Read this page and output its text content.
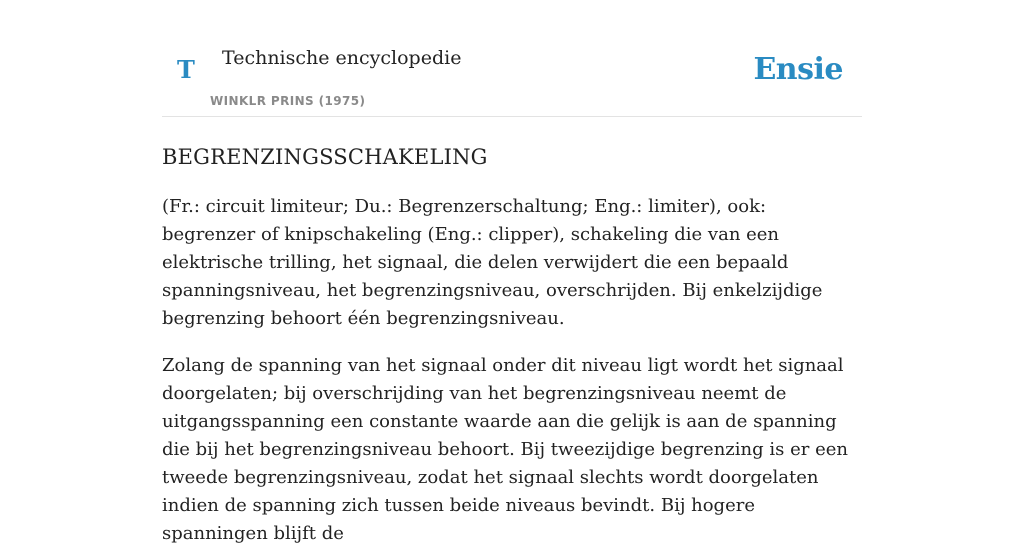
T Technische encyclopedie
WINKLR PRINS (1975)
Ensie
BEGRENZINGSSCHAKELING

(Fr.: circuit limiteur; Du.: Begrenzerschaltung; Eng.: limiter), ook: begrenzer of knipschakeling (Eng.: clipper), schakeling die van een elektrische trilling, het signaal, die delen verwijdert die een bepaald spanningsniveau, het begrenzingsniveau, overschrijden. Bij enkelzijdige begrenzing behoort één begrenzingsniveau.

Zolang de spanning van het signaal onder dit niveau ligt wordt het signaal doorgelaten; bij overschrijding van het begrenzingsniveau neemt de uitgangsspanning een constante waarde aan die gelijk is aan de spanning die bij het begrenzingsniveau behoort. Bij tweezijdige begrenzing is er een tweede begrenzingsniveau, zodat het signaal slechts wordt doorgelaten indien de spanning zich tussen beide niveaus bevindt. Bij hogere spanningen blijft de
